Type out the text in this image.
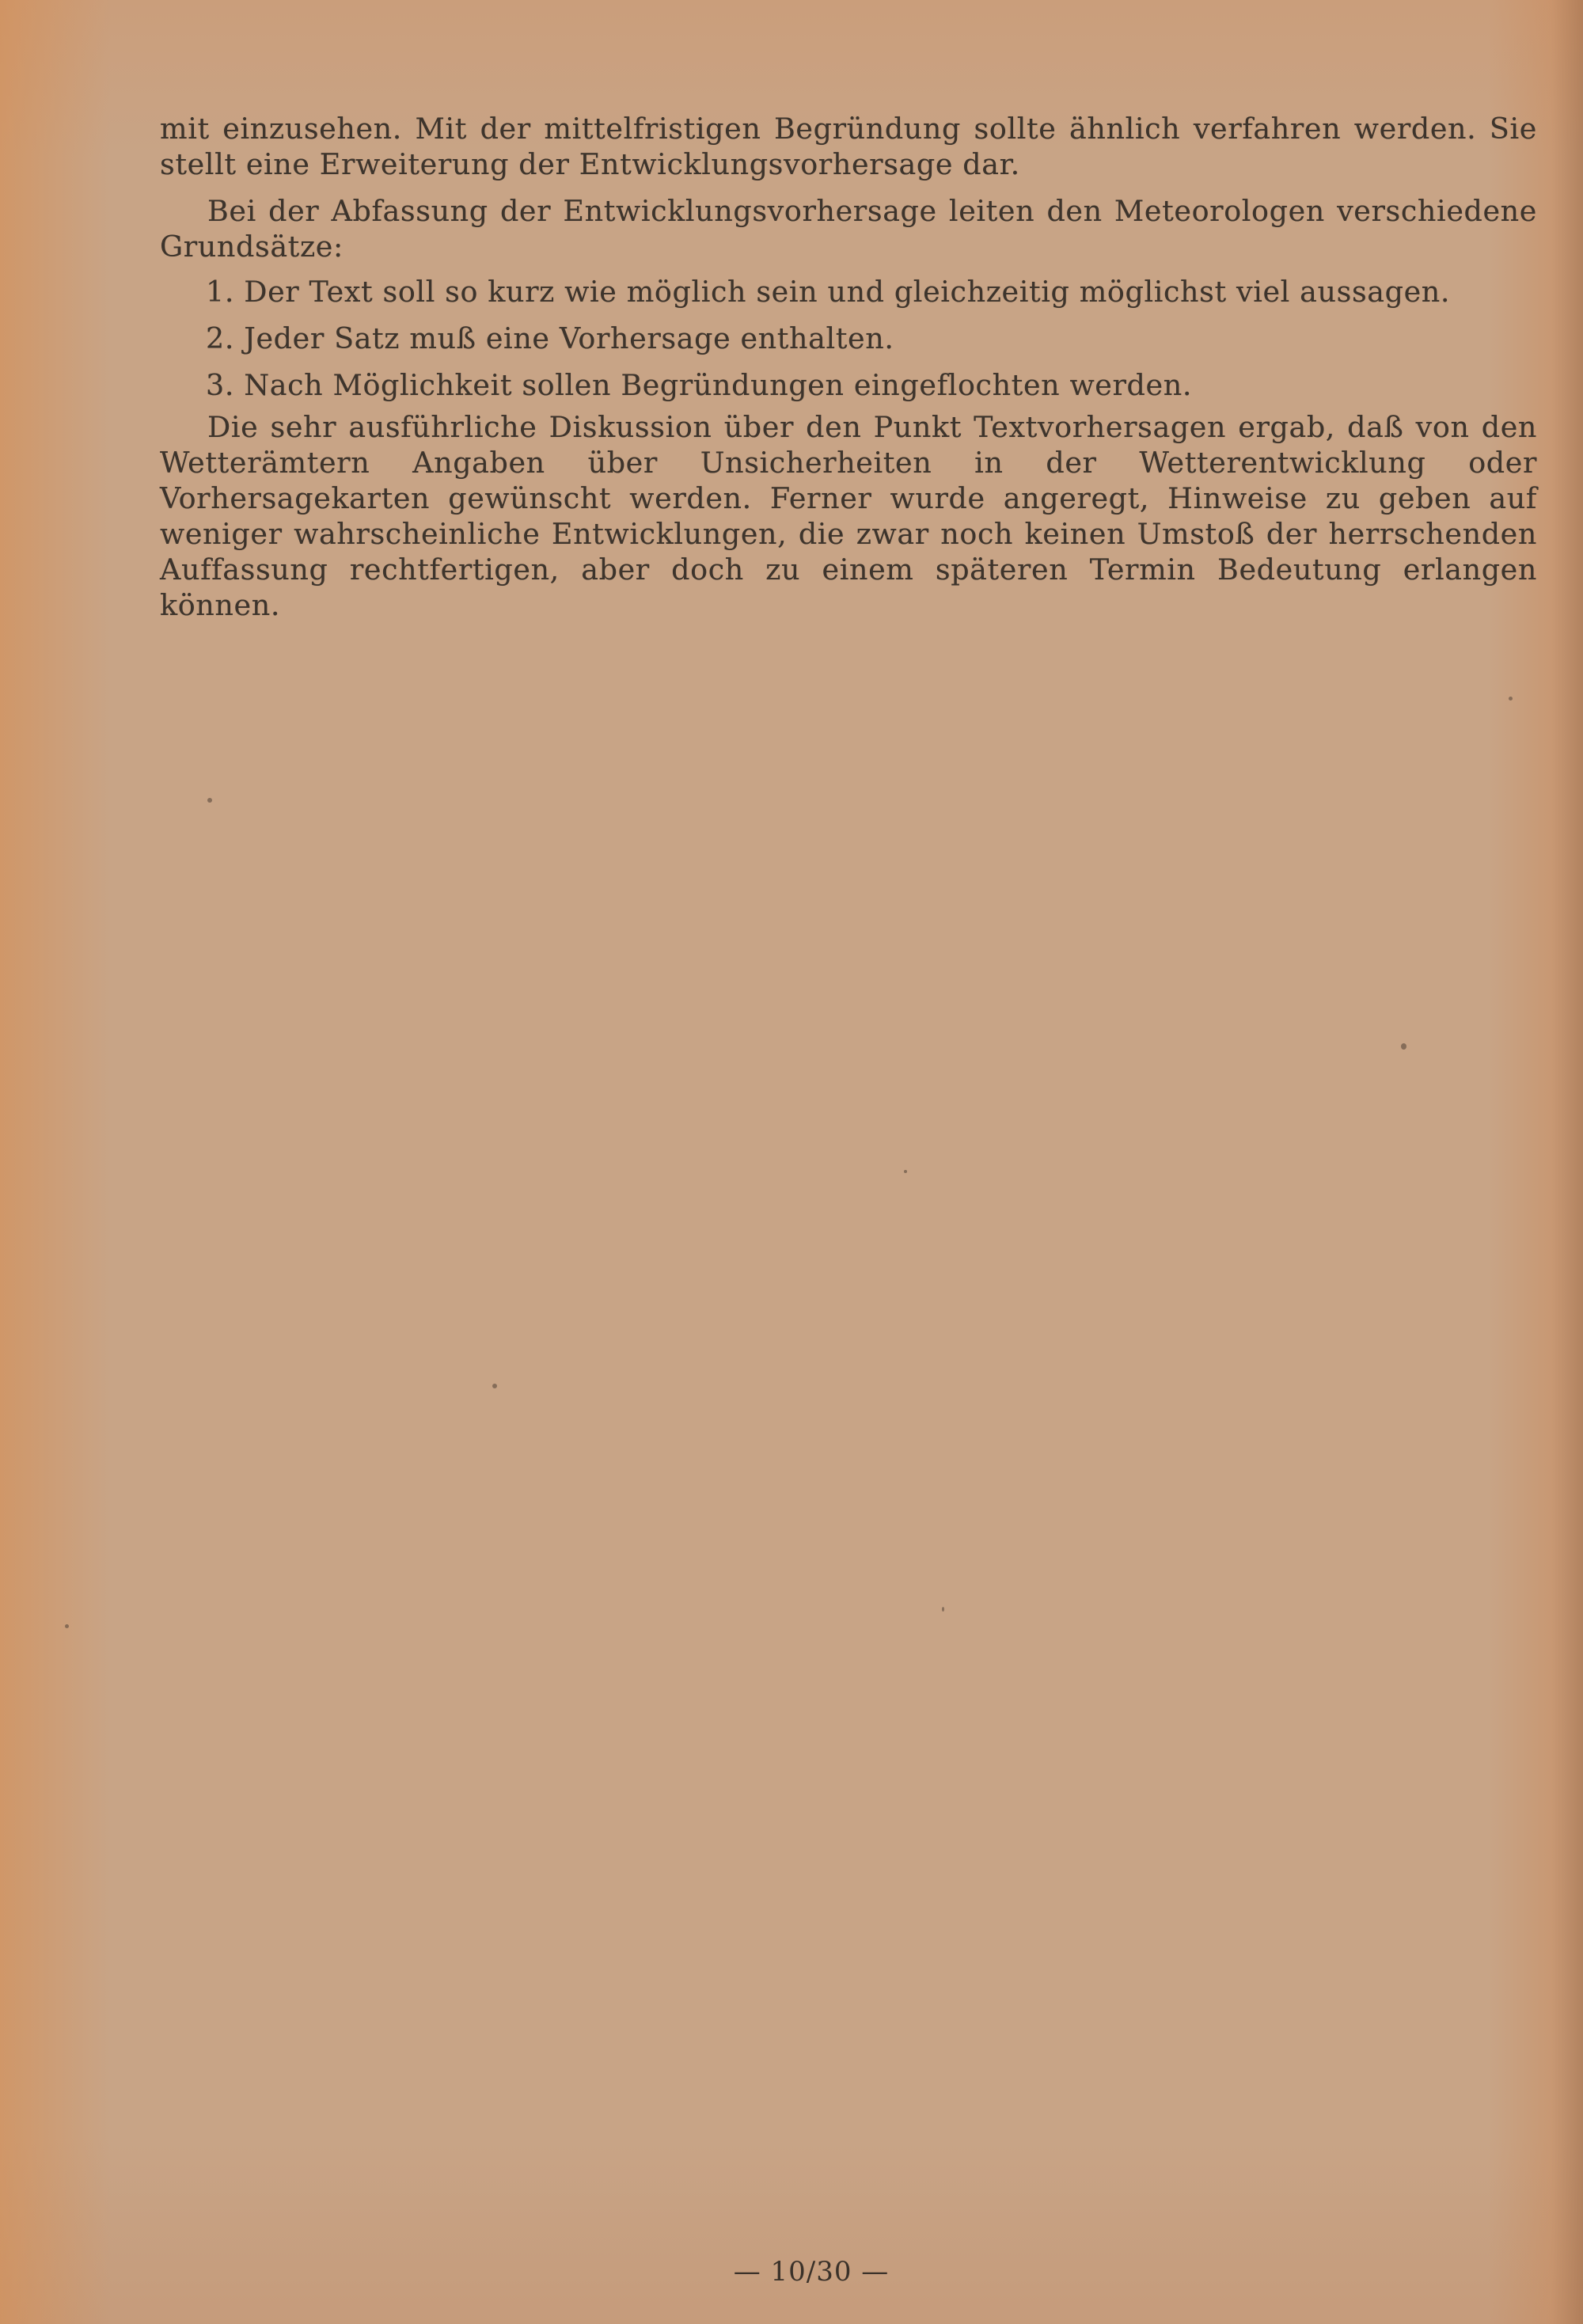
mit einzusehen. Mit der mittelfristigen Begründung sollte ähnlich verfahren werden. Sie stellt eine Erweiterung der Entwicklungsvorhersage dar.

Bei der Abfassung der Entwicklungsvorhersage leiten den Meteorologen verschiedene Grundsätze:

1. Der Text soll so kurz wie möglich sein und gleichzeitig möglichst viel aussagen.

2. Jeder Satz muß eine Vorhersage enthalten.

3. Nach Möglichkeit sollen Begründungen eingeflochten werden.

Die sehr ausführliche Diskussion über den Punkt Textvorhersagen ergab, daß von den Wetterämtern Angaben über Unsicherheiten in der Wetterentwicklung oder Vorhersagekarten gewünscht werden. Ferner wurde angeregt, Hinweise zu geben auf weniger wahrscheinliche Entwicklungen, die zwar noch keinen Umstoß der herrschenden Auffassung rechtfertigen, aber doch zu einem späteren Termin Bedeutung erlangen können.

— 10/30 —
